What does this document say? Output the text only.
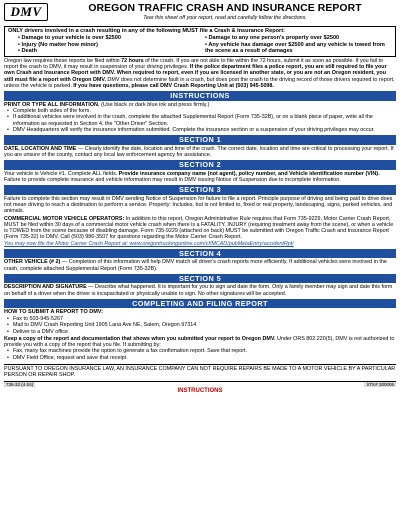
DMV	OREGON TRAFFIC CRASH AND INSURANCE REPORT
Tear this sheet off your report, read and carefully follow the directions.
ONLY drivers involved in a crash resulting in any of the following MUST file a Crash & Insurance Report:
• Damage to your vehicle is over $2500
• Injury (No matter how minor)
• Death
• Damage to any one person's property over $2500
• Any vehicle has damage over $2500 and any vehicle is towed from the scene as a result of damages
Oregon law requires these reports be filed within 72 hours of the crash. If you are not able to file within the 72 hours, submit it as soon as possible. If you fail to report the crash to DMV, it may result in suspension of your driving privileges. If the police department files a police report, you are still required to file your own Crash and Insurance Report with DMV. When required to report, even if you are licensed in another state, or you are not an Oregon resident, you still must file a report with Oregon DMV. DMV does not determine fault in a crash, but does post the crash to the driving record of those drivers required to report, unless the vehicle is parked. If you have questions, please call DMV Crash Reporting Unit at (503) 945-5098.
INSTRUCTIONS
PRINT OR TYPE ALL INFORMATION. (Use black or dark blue ink and press firmly.)
• Complete both sides of the form.
• If additional vehicles were involved in the crash, complete the attached Supplemental Report (Form 735-32B), or on a blank piece of paper, write all the information as requested in Section 4, the "Other Driver" Section.
• DMV Headquarters will verify the insurance information submitted. Complete the insurance section or a suspension of your driving privileges may occur.
SECTION 1
DATE, LOCATION AND TIME — Clearly identify the date, location and time of the crash. The correct date, location and time are critical to processing your report. If you are unsure of the county, contact any local law enforcement agency for assistance.
SECTION 2
Your vehicle is Vehicle #1. Complete ALL fields. Provide insurance company name (not agent), policy number, and Vehicle identification number (VIN). Failure to provide complete insurance and vehicle information may result in DMV issuing Notice of Suspension due to incomplete information.
SECTION 3
Failure to complete this section may result in DMV sending Notice of Suspension for failure to file a report. Principle purpose of driving and being paid to drive does not mean driving to reach a destination to perform a service. Property: Includes, but is not limited to, fixed or real property, landscaping, signs, parked vehicles, and animals.
COMMERCIAL MOTOR VEHICLE OPERATORS: In addition to this report, Oregon Administrative Rule requires that Form 735-9229, Motor Carrier Crash Report, MUST be filed within 30 days of a commercial motor vehicle crash when there is a FATALITY, INJURY (requiring treatment away from the scene), or when a vehicle is TOWED from the scene because of disabling damage. Form 735-9229 (attached on back) MUST be submitted with Oregon Traffic Crash and Insurance Report (Form 735-32) to DMV. Call (503) 986-3507 for questions regarding the Motor Carrier Crash Report.
You may now file the Motor Carrier Crash Report at: www.oregontruckingonline.com/cf/MCAD/pubMetaEntry/accidentRpt/
SECTION 4
OTHER VEHICLE (# 2) — Completion of this information will help DMV match all driver's crash reports more efficiently. If additional vehicles were involved in the crash, complete attached Supplemental Report (Form 735-32B).
SECTION 5
DESCRIPTION AND SIGNATURE — Describe what happened. It is important for you to sign and date the form. Only a family member may sign and date this form on behalf of a driver when the driver is incapacitated or physically unable to sign. No other signatures will be accepted.
COMPLETING AND FILING REPORT
HOW TO SUBMIT A REPORT TO DMV:
• Fax to 503-945-5267
• Mail to DMV Crash Reporting Unit 1905 Lana Ave NE, Salem, Oregon 97314
• Deliver to a DMV office
Keep a copy of the report and documentation that shows when you submitted your report to Oregon DMV. Under ORS 802.220(5), DMV is not authorized to provide you with a copy of the report that you file. If submitting by:
• Fax, many fax machines provide the option to generate a fax confirmation report. Save that report.
• DMV Field Office, request and save that receipt.
PURSUANT TO OREGON INSURANCE LAW, AN INSURANCE COMPANY CAN NOT REQUIRE REPAIRS BE MADE TO A MOTOR VEHICLE BY A PARTICULAR PERSON OR REPAIR SHOP.
735-32 (4-24)	STK# 300006
INSTRUCTIONS
